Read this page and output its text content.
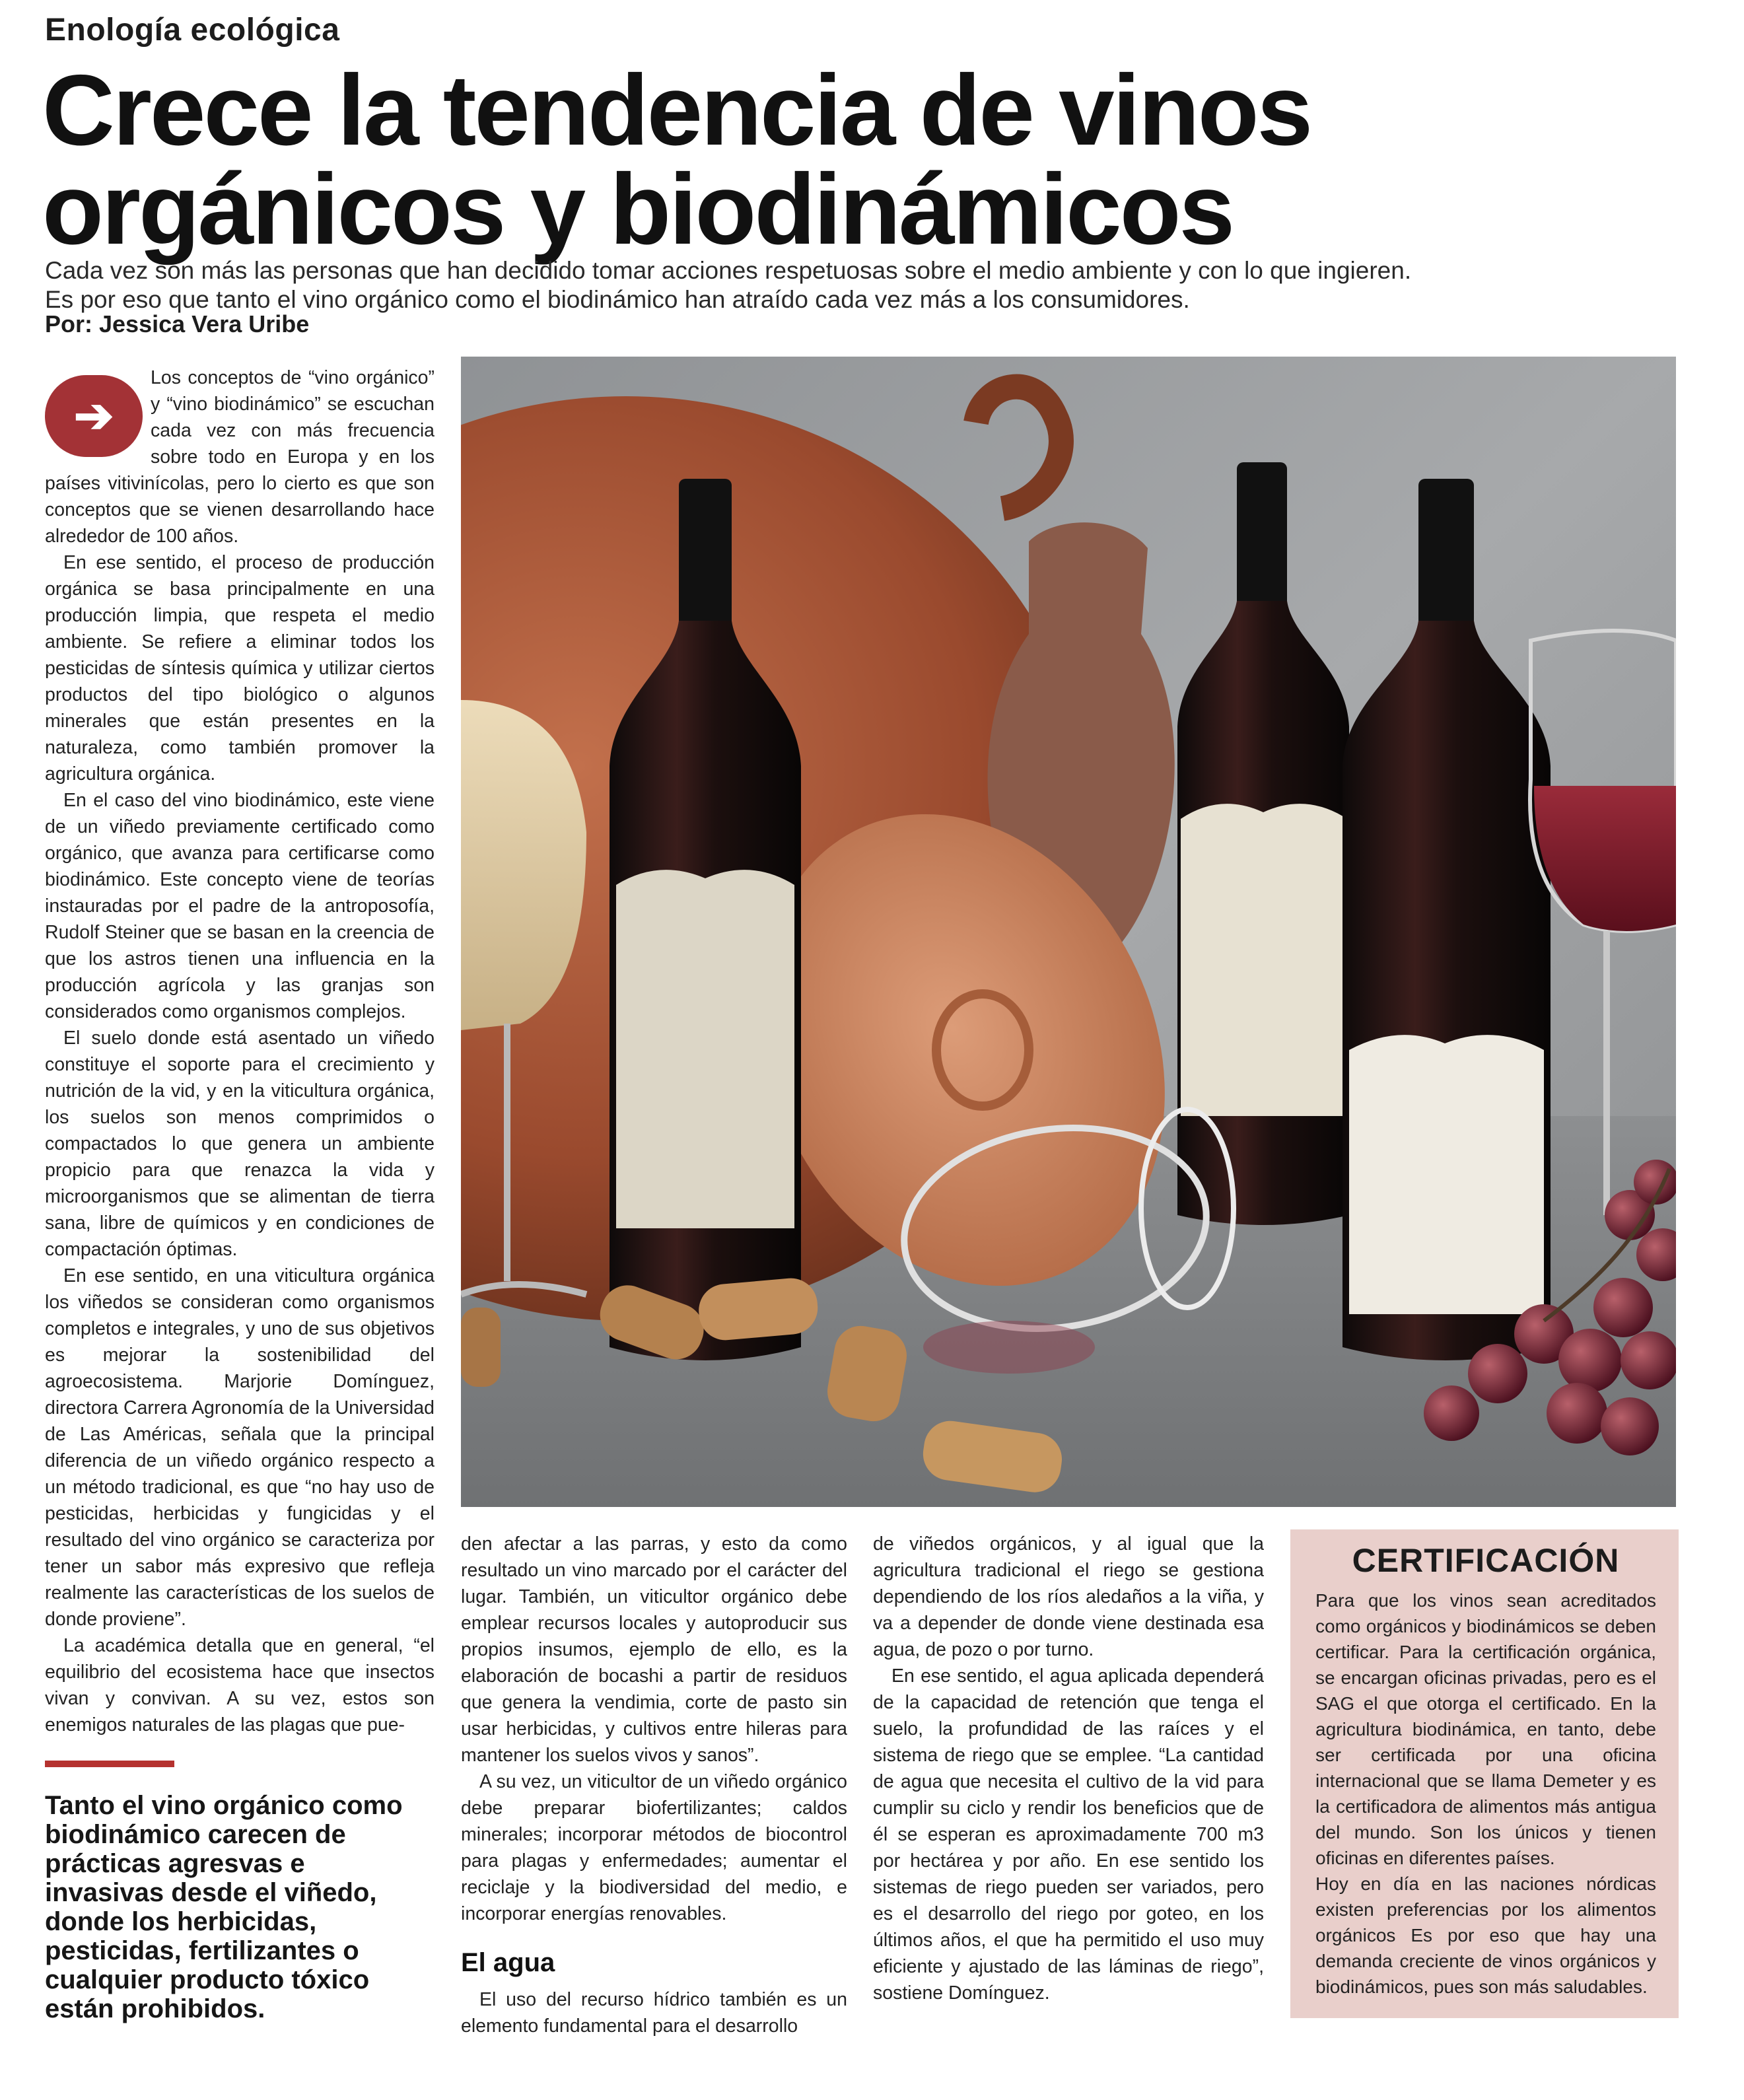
Enología ecológica
Crece la tendencia de vinos
orgánicos y biodinámicos
Cada vez son más las personas que han decidido tomar acciones respetuosas sobre el medio ambiente y con lo que ingieren. Es por eso que tanto el vino orgánico como el biodinámico han atraído cada vez más a los consumidores.
Por: Jessica Vera Uribe
➔

Los conceptos de “vino orgánico” y “vino biodinámico” se escuchan cada vez con más frecuencia sobre todo en Europa y en los países vitivinícolas, pero lo cierto es que son conceptos que se vienen desarrollando hace alrededor de 100 años.

En ese sentido, el proceso de producción orgánica se basa principalmente en una producción limpia, que respeta el medio ambiente. Se refiere a eliminar todos los pesticidas de síntesis química y utilizar ciertos productos del tipo biológico o algunos minerales que están presentes en la naturaleza, como también promover la agricultura orgánica.

En el caso del vino biodinámico, este viene de un viñedo previamente certificado como orgánico, que avanza para certificarse como biodinámico. Este concepto viene de teorías instauradas por el padre de la antroposofía, Rudolf Steiner que se basan en la creencia de que los astros tienen una influencia en la producción agrícola y las granjas son considerados como organismos complejos.

El suelo donde está asentado un viñedo constituye el soporte para el crecimiento y nutrición de la vid, y en la viticultura orgánica, los suelos son menos comprimidos o compactados lo que genera un ambiente propicio para que renazca la vida y microorganismos que se alimentan de tierra sana, libre de químicos y en condiciones de compactación óptimas.

En ese sentido, en una viticultura orgánica los viñedos se consideran como organismos completos e integrales, y uno de sus objetivos es mejorar la sostenibilidad del agroecosistema. Marjorie Domínguez, directora Carrera Agronomía de la Universidad de Las Américas, señala que la principal diferencia de un viñedo orgánico respecto a un método tradicional, es que “no hay uso de pesticidas, herbicidas y fungicidas y el resultado del vino orgánico se caracteriza por tener un sabor más expresivo que refleja realmente las características de los suelos de donde proviene”.

La académica detalla que en general, “el equilibrio del ecosistema hace que insectos vivan y convivan. A su vez, estos son enemigos naturales de las plagas que pue-

Tanto el vino orgánico como biodinámico carecen de prácticas agresvas e invasivas desde el viñedo, donde los herbicidas, pesticidas, fertilizantes o cualquier producto tóxico están prohibidos.

den afectar a las parras, y esto da como resultado un vino marcado por el carácter del lugar. También, un viticultor orgánico debe emplear recursos locales y autoproducir sus propios insumos, ejemplo de ello, es la elaboración de bocashi a partir de residuos que genera la vendimia, corte de pasto sin usar herbicidas, y cultivos entre hileras para mantener los suelos vivos y sanos”.

A su vez, un viticultor de un viñedo orgánico debe preparar biofertilizantes; caldos minerales; incorporar métodos de biocontrol para plagas y enfermedades; aumentar el reciclaje y la biodiversidad del medio, e incorporar energías renovables.

El agua

El uso del recurso hídrico también es un elemento fundamental para el desarrollo

de viñedos orgánicos, y al igual que la agricultura tradicional el riego se gestiona dependiendo de los ríos aledaños a la viña, y va a depender de donde viene destinada esa agua, de pozo o por turno.

En ese sentido, el agua aplicada dependerá de la capacidad de retención que tenga el suelo, la profundidad de las raíces y el sistema de riego que se emplee. “La cantidad de agua que necesita el cultivo de la vid para cumplir su ciclo y rendir los beneficios que de él se esperan es aproximadamente 700 m3 por hectárea y por año. En ese sentido los sistemas de riego pueden ser variados, pero es el desarrollo del riego por goteo, en los últimos años, el que ha permitido el uso muy eficiente y ajustado de las láminas de riego”, sostiene Domínguez.

CERTIFICACIÓN

Para que los vinos sean acreditados como orgánicos y biodinámicos se deben certificar. Para la certificación orgánica, se encargan oficinas privadas, pero es el SAG el que otorga el certificado. En la agricultura biodinámica, en tanto, debe ser certificada por una oficina internacional que se llama Demeter y es la certificadora de alimentos más antigua del mundo. Son los únicos y tienen oficinas en diferentes países.

Hoy en día en las naciones nórdicas existen preferencias por los alimentos orgánicos Es por eso que hay una demanda creciente de vinos orgánicos y biodinámicos, pues son más saludables.
